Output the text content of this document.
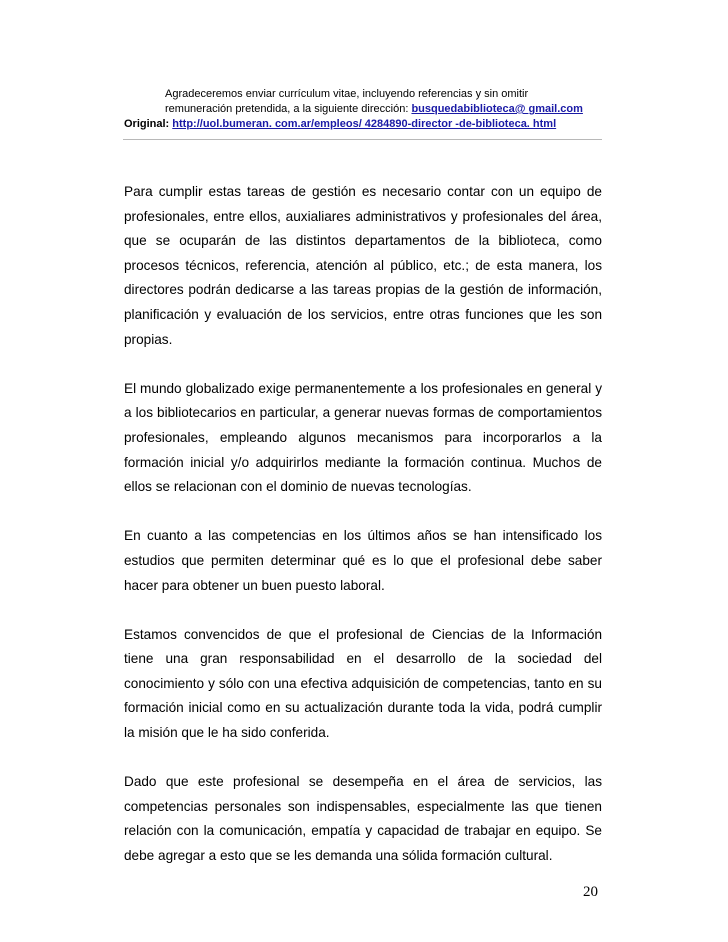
Agradeceremos enviar currículum vitae, incluyendo referencias y sin omitir
remuneración pretendida, a la siguiente dirección: busquedabiblioteca@ gmail.com
Original: http://uol.bumeran. com.ar/empleos/ 4284890-director -de-biblioteca. html

Para cumplir estas tareas de gestión es necesario contar con un equipo de profesionales, entre ellos, auxialiares administrativos y profesionales del área, que se ocuparán de las distintos departamentos de la biblioteca, como procesos técnicos, referencia, atención al público, etc.; de esta manera, los directores podrán dedicarse a las tareas propias de la gestión de información, planificación y evaluación de los servicios, entre otras funciones que les son propias.

El mundo globalizado exige permanentemente a los profesionales en general y a los bibliotecarios en particular, a generar nuevas formas de comportamientos profesionales, empleando algunos mecanismos para incorporarlos a la formación inicial y/o adquirirlos mediante la formación continua. Muchos de ellos se relacionan con el dominio de nuevas tecnologías.

En cuanto a las competencias en los últimos años se han intensificado los estudios que permiten determinar qué es lo que el profesional debe saber hacer para obtener un buen puesto laboral.

Estamos convencidos de que el profesional de Ciencias de la Información tiene una gran responsabilidad en el desarrollo de la sociedad del conocimiento y sólo con una efectiva adquisición de competencias, tanto en su formación inicial como en su actualización durante toda la vida, podrá cumplir la misión que le ha sido conferida.

Dado que este profesional se desempeña en el área de servicios, las competencias personales son indispensables, especialmente las que tienen relación con la comunicación, empatía y capacidad de trabajar en equipo. Se debe agregar a esto que se les demanda una sólida formación cultural.

20
